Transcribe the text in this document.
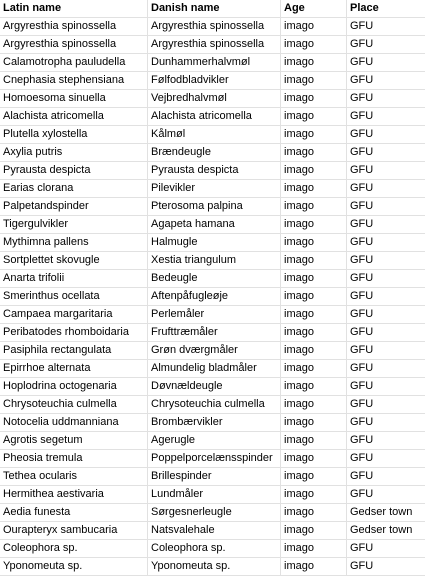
Latin name	Danish name	Age	Place
Argyresthia spinossella	Argyresthia spinossella	imago	GFU
Argyresthia spinossella	Argyresthia spinossella	imago	GFU
Calamotropha pauludella	Dunhammerhalvmøl	imago	GFU
Cnephasia stephensiana	Følfodbladvikler	imago	GFU
Homoesoma sinuella	Vejbredhalvmøl	imago	GFU
Alachista atricomella	Alachista atricomella	imago	GFU
Plutella xylostella	Kålmøl	imago	GFU
Axylia putris	Brændeugle	imago	GFU
Pyrausta despicta	Pyrausta despicta	imago	GFU
Earias clorana	Pilevikler	imago	GFU
Palpetandspinder	Pterosoma palpina	imago	GFU
Tigergulvikler	Agapeta hamana	imago	GFU
Mythimna pallens	Halmugle	imago	GFU
Sortplettet skovugle	Xestia triangulum	imago	GFU
Anarta trifolii	Bedeugle	imago	GFU
Smerinthus ocellata	Aftenpåfugleøje	imago	GFU
Campaea margaritaria	Perlemåler	imago	GFU
Peribatodes rhomboidaria	Frufttræmåler	imago	GFU
Pasiphila rectangulata	Grøn dværgmåler	imago	GFU
Epirrhoe alternata	Almundelig bladmåler	imago	GFU
Hoplodrina octogenaria	Døvnældeugle	imago	GFU
Chrysoteuchia culmella	Chrysoteuchia culmella	imago	GFU
Notocelia uddmanniana	Brombærvikler	imago	GFU
Agrotis segetum	Agerugle	imago	GFU
Pheosia tremula	Poppelporcelænsspinder	imago	GFU
Tethea ocularis	Brillespinder	imago	GFU
Hermithea aestivaria	Lundmåler	imago	GFU
Aedia funesta	Sørgesnerleugle	imago	Gedser town
Ourapteryx sambucaria	Natsvalehale	imago	Gedser town
Coleophora sp.	Coleophora sp.	imago	GFU
Yponomeuta sp.	Yponomeuta sp.	imago	GFU
